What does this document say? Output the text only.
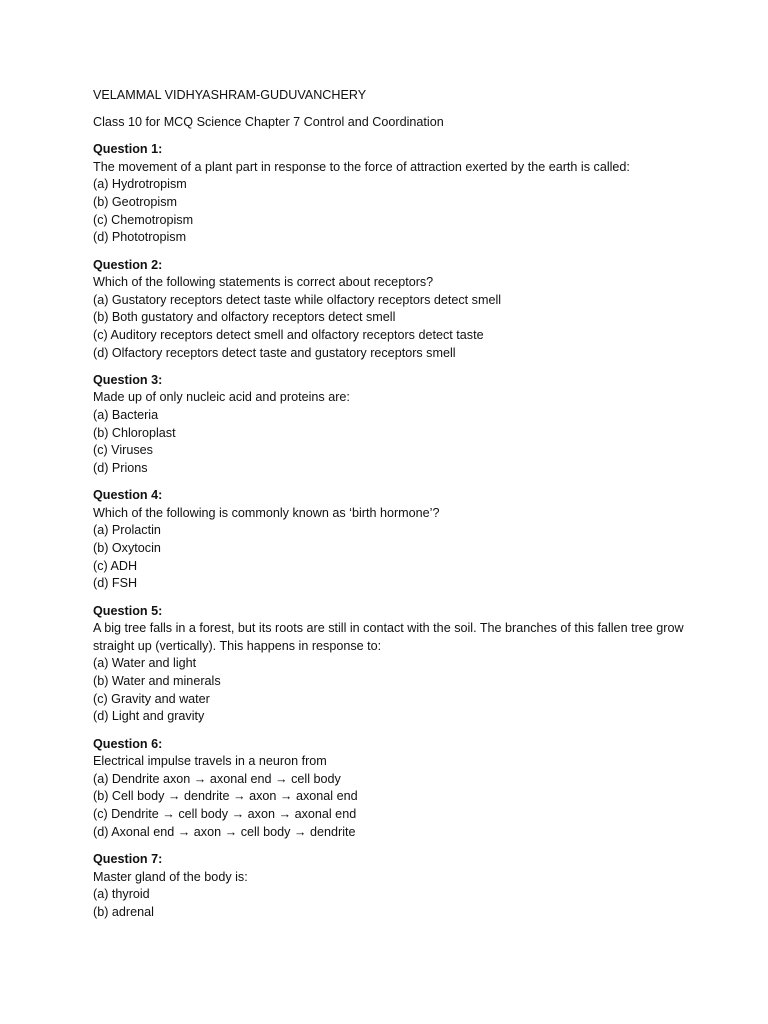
VELAMMAL VIDHYASHRAM-GUDUVANCHERY

Class 10 for MCQ Science Chapter 7 Control and Coordination

Question 1:

The movement of a plant part in response to the force of attraction exerted by the earth is called:

(a) Hydrotropism

(b) Geotropism

(c) Chemotropism

(d) Phototropism

Question 2:

Which of the following statements is correct about receptors?

(a) Gustatory receptors detect taste while olfactory receptors detect smell

(b) Both gustatory and olfactory receptors detect smell

(c) Auditory receptors detect smell and olfactory receptors detect taste

(d) Olfactory receptors detect taste and gustatory receptors smell

Question 3:

Made up of only nucleic acid and proteins are:

(a) Bacteria

(b) Chloroplast

(c) Viruses

(d) Prions

Question 4:

Which of the following is commonly known as ‘birth hormone’?

(a) Prolactin

(b) Oxytocin

(c) ADH

(d) FSH

Question 5:

A big tree falls in a forest, but its roots are still in contact with the soil. The branches of this fallen tree grow straight up (vertically). This happens in response to:

(a) Water and light

(b) Water and minerals

(c) Gravity and water

(d) Light and gravity

Question 6:

Electrical impulse travels in a neuron from

(a) Dendrite axon → axonal end → cell body

(b) Cell body → dendrite → axon → axonal end

(c) Dendrite → cell body → axon → axonal end

(d) Axonal end → axon → cell body → dendrite

Question 7:

Master gland of the body is:

(a) thyroid

(b) adrenal
